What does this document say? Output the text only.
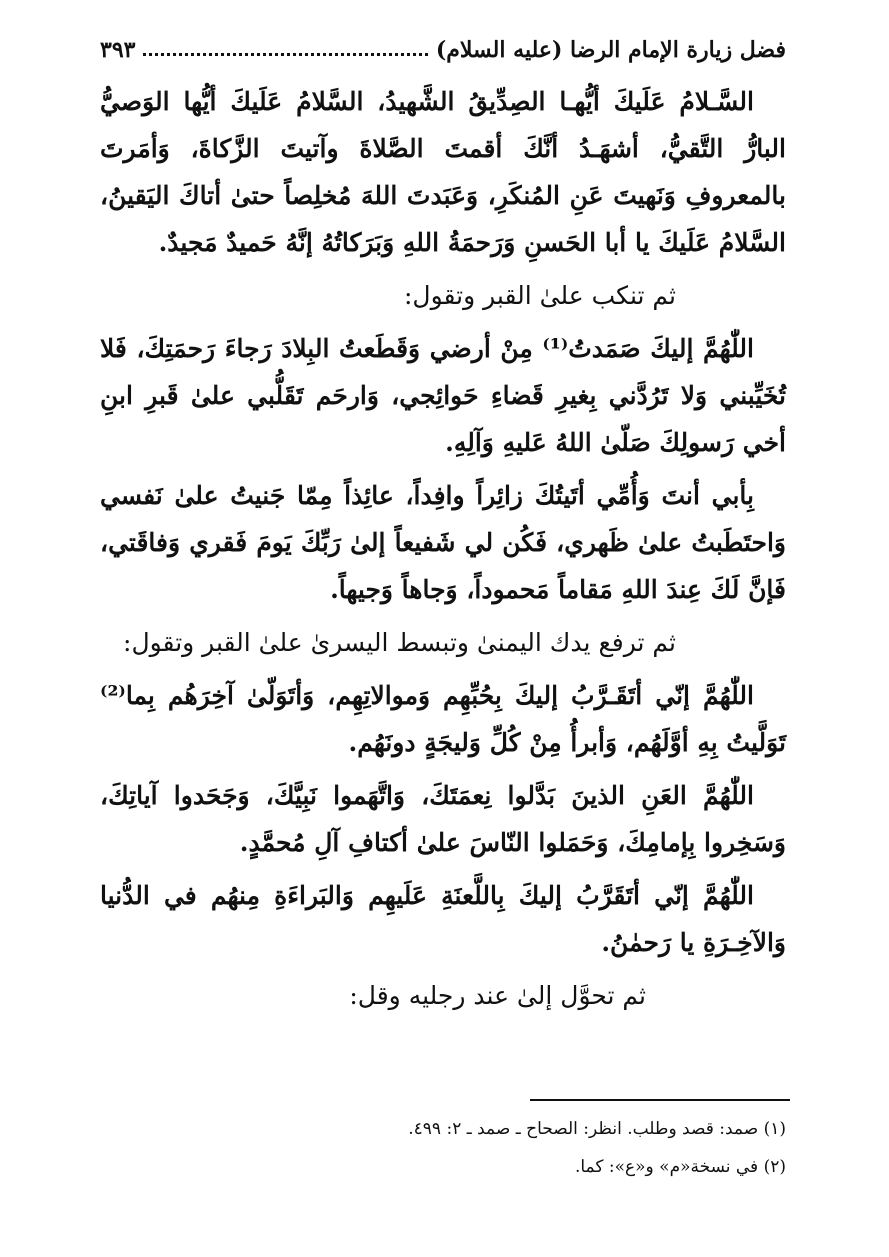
فضل زيارة الإمام الرضا (عليه السلام)
٣٩٣

السَّـلامُ عَلَيكَ أيُّهـا الصِدِّيقُ الشَّهيدُ، السَّلامُ عَلَيكَ أيُّها الوَصيُّ البارُّ التَّقيُّ، أشهَـدُ أنَّكَ أقمتَ الصَّلاةَ وآتيتَ الزَّكاةَ، وَأمَرتَ بالمعروفِ وَنَهيتَ عَنِ المُنكَرِ، وَعَبَدتَ اللهَ مُخلِصاً حتىٰ أتاكَ اليَقينُ، السَّلامُ عَلَيكَ يا أبا الحَسنِ وَرَحمَةُ اللهِ وَبَرَكاتُهُ إنَّهُ حَميدٌ مَجيدٌ.

ثم تنكب علىٰ القبر وتقول:

اللّٰهُمَّ إليكَ صَمَدتُ⁽¹⁾ مِنْ أرضي وَقَطَعتُ البِلادَ رَجاءَ رَحمَتِكَ، فَلا تُخَيِّبني وَلا تَرُدَّني بِغيرِ قَضاءِ حَوائِجي، وَارحَم تَقَلُّبي علىٰ قَبرِ ابنِ أخي رَسولِكَ صَلّىٰ اللهُ عَليهِ وَآلِهِ.

بِأبي أنتَ وَأُمِّي أتَيتُكَ زائِراً وافِداً، عائِذاً مِمّا جَنيتُ علىٰ نَفسي وَاحتَطَبتُ علىٰ ظَهري، فَكُن لي شَفيعاً إلىٰ رَبِّكَ يَومَ فَقري وَفاقَتي، فَإنَّ لَكَ عِندَ اللهِ مَقاماً مَحموداً، وَجاهاً وَجيهاً.

ثم ترفع يدك اليمنىٰ وتبسط اليسرىٰ علىٰ القبر وتقول:

اللّٰهُمَّ إنّي أتَقَـرَّبُ إليكَ بِحُبِّهِم وَموالاتِهِم، وَأتَوَلّىٰ آخِرَهُم بِما⁽²⁾ تَوَلَّيتُ بِهِ أوَّلَهُم، وَأبرأُ مِنْ كُلِّ وَليجَةٍ دونَهُم.

اللّٰهُمَّ العَنِ الذينَ بَدَّلوا نِعمَتَكَ، وَاتَّهَموا نَبِيَّكَ، وَجَحَدوا آياتِكَ، وَسَخِروا بِإمامِكَ، وَحَمَلوا النّاسَ علىٰ أكتافِ آلِ مُحمَّدٍ.

اللّٰهُمَّ إنّي أتَقَرَّبُ إليكَ بِاللَّعنَةِ عَلَيهِم وَالبَراءَةِ مِنهُم في الدُّنيا وَالآخِـرَةِ يا رَحمٰنُ.

ثم تحوَّل إلىٰ عند رجليه وقل:

(١) صمد: قصد وطلب. انظر: الصحاح ـ صمد ـ ٢: ٤٩٩.

(٢) في نسخة«م» و«ع»: كما.
